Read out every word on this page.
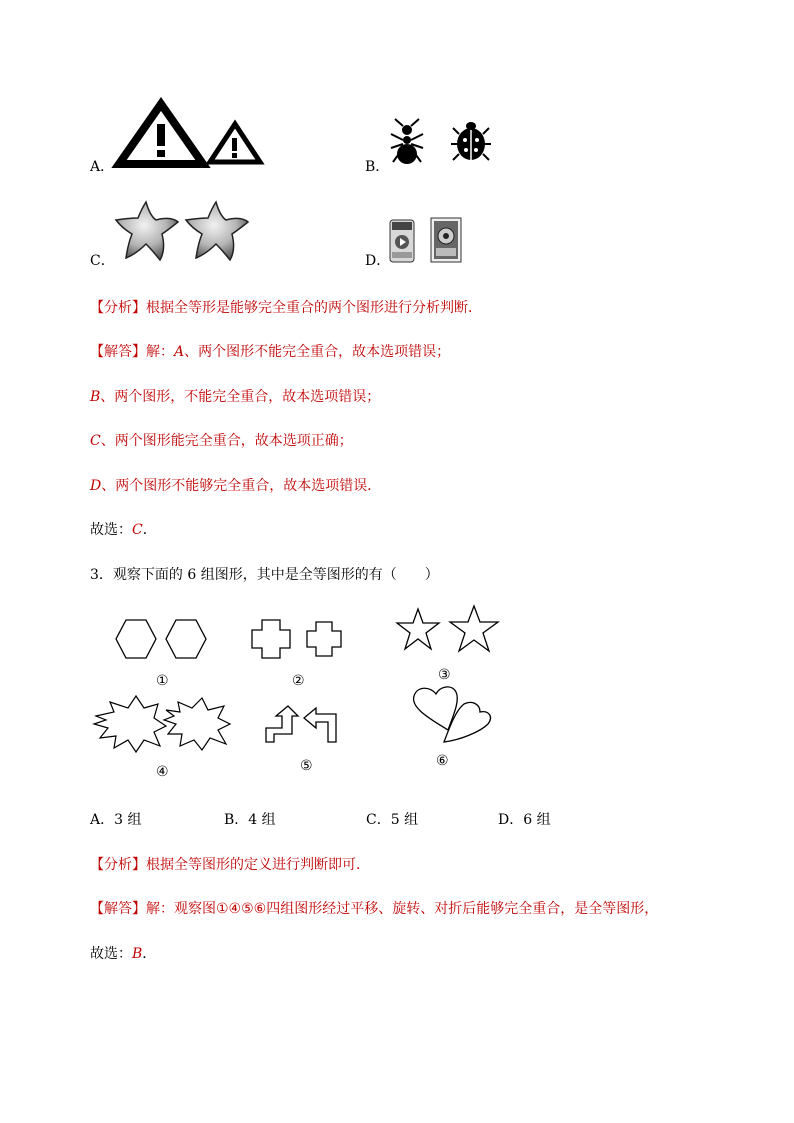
A．	B．
C．	D．
【分析】根据全等形是能够完全重合的两个图形进行分析判断．
【解答】解：A、两个图形不能完全重合，故本选项错误；
B、两个图形，不能完全重合，故本选项错误；
C、两个图形能完全重合，故本选项正确；
D、两个图形不能够完全重合，故本选项错误．
故选：C．
3．观察下面的 6 组图形，其中是全等图形的有（　　）
①	②	③
④	⑤	⑥
A．3 组	B．4 组	C．5 组	D．6 组
【分析】根据全等图形的定义进行判断即可．
【解答】解：观察图①④⑤⑥四组图形经过平移、旋转、对折后能够完全重合，是全等图形，
故选：B．
